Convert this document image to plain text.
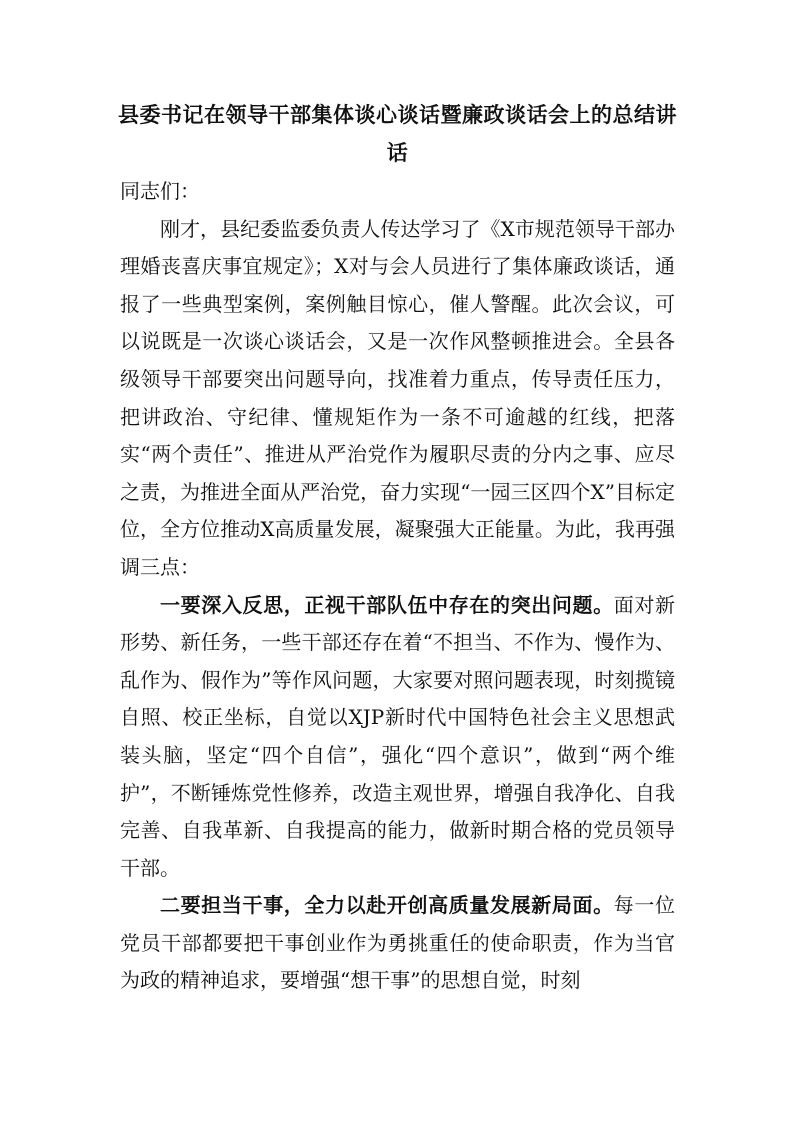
县委书记在领导干部集体谈心谈话暨廉政谈话会上的总结讲话

同志们：

刚才，县纪委监委负责人传达学习了《X市规范领导干部办理婚丧喜庆事宜规定》；X对与会人员进行了集体廉政谈话，通报了一些典型案例，案例触目惊心，催人警醒。此次会议，可以说既是一次谈心谈话会，又是一次作风整顿推进会。全县各级领导干部要突出问题导向，找准着力重点，传导责任压力，把讲政治、守纪律、懂规矩作为一条不可逾越的红线，把落实“两个责任”、推进从严治党作为履职尽责的分内之事、应尽之责，为推进全面从严治党，奋力实现“一园三区四个X”目标定位，全方位推动X高质量发展，凝聚强大正能量。为此，我再强调三点：

一要深入反思，正视干部队伍中存在的突出问题。面对新形势、新任务，一些干部还存在着“不担当、不作为、慢作为、乱作为、假作为”等作风问题，大家要对照问题表现，时刻揽镜自照、校正坐标，自觉以XJP新时代中国特色社会主义思想武装头脑，坚定“四个自信”，强化“四个意识”，做到“两个维护”，不断锤炼党性修养，改造主观世界，增强自我净化、自我完善、自我革新、自我提高的能力，做新时期合格的党员领导干部。

二要担当干事，全力以赴开创高质量发展新局面。每一位党员干部都要把干事创业作为勇挑重任的使命职责，作为当官为政的精神追求，要增强“想干事”的思想自觉，时刻
